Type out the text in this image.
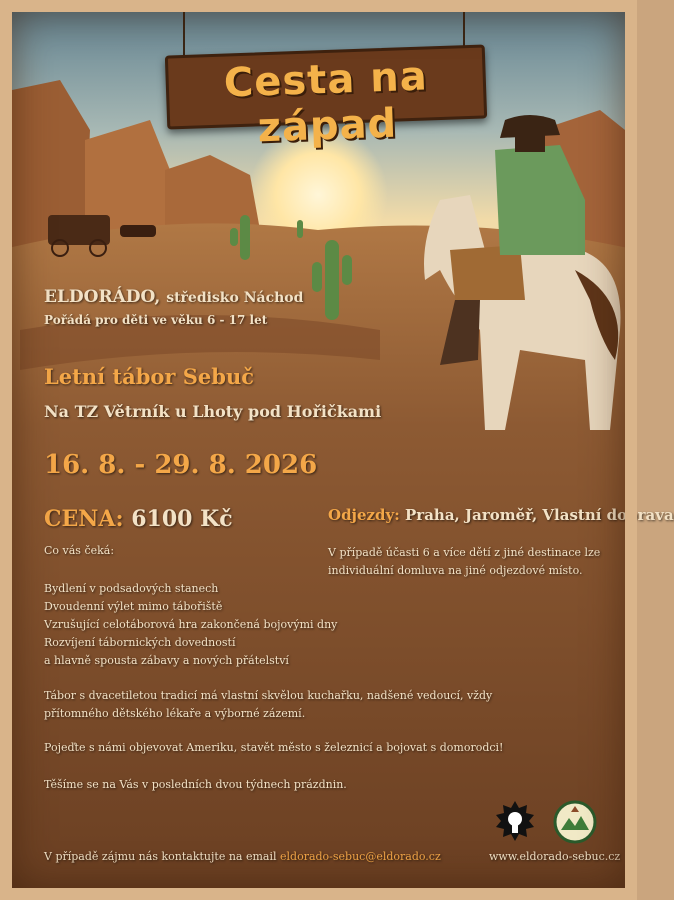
Cesta na západ
ELDORÁDO, středisko Náchod
Pořádá pro děti ve věku 6 - 17 let
Letní tábor Sebuč
Na TZ Větrník u Lhoty pod Hořičkami
16. 8. - 29. 8. 2026
CENA: 6100 Kč	Odjezdy: Praha, Jaroměř, Vlastní doprava
V případě účasti 6 a více dětí z jiné destinace lze individuální domluva na jiné odjezdové místo.
Co vás čeká:
Bydlení v podsadových stanech
Dvoudenní výlet mimo tábořiště
Vzrušující celotáborová hra zakončená bojovými dny
Rozvíjení tábornických dovedností
a hlavně spousta zábavy a nových přátelství
Tábor s dvacetiletou tradicí má vlastní skvělou kuchařku, nadšené vedoucí, vždy přítomného dětského lékaře a výborné zázemí.
Pojeďte s námi objevovat Ameriku, stavět město s železnicí a bojovat s domorodci!
Těšíme se na Vás v posledních dvou týdnech prázdnin.
V případě zájmu nás kontaktujte na email eldorado-sebuc@eldorado.cz	www.eldorado-sebuc.cz
